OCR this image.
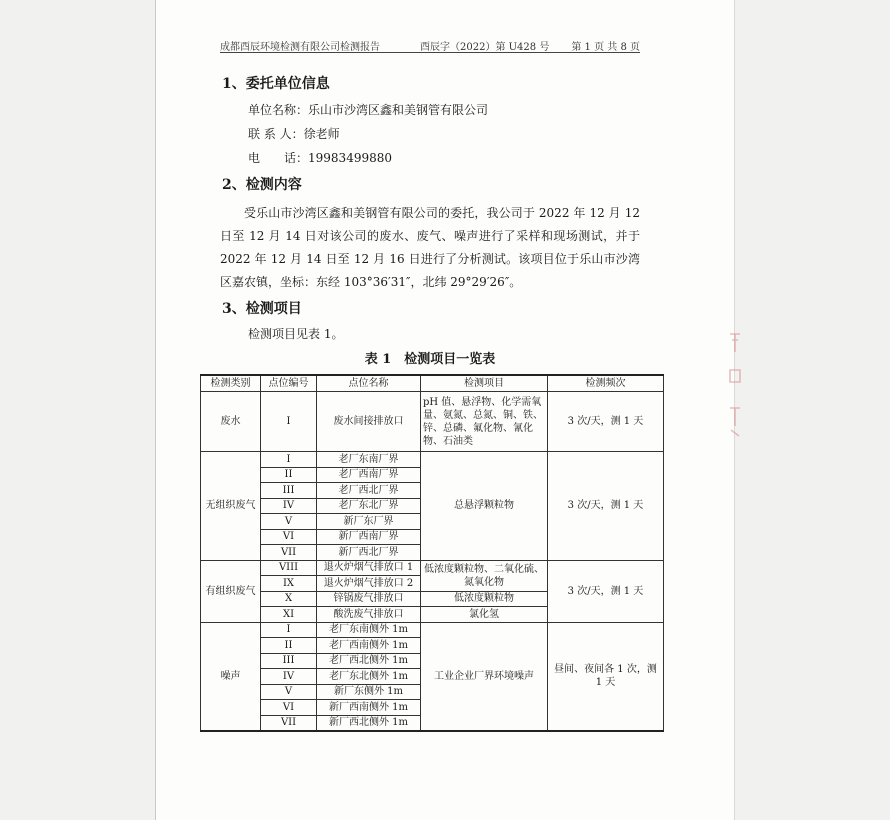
成都酉辰环境检测有限公司检测报告	酉辰字（2022）第 U428 号 第 1 页 共 8 页
1、委托单位信息
单位名称：乐山市沙湾区鑫和美钢管有限公司
联 系 人：徐老师
电　　话：19983499880
2、检测内容

受乐山市沙湾区鑫和美钢管有限公司的委托，我公司于 2022 年 12 月 12 日至 12 月 14 日对该公司的废水、废气、噪声进行了采样和现场测试，并于 2022 年 12 月 14 日至 12 月 16 日进行了分析测试。该项目位于乐山市沙湾区嘉农镇，坐标：东经 103°36′31″，北纬 29°29′26″。

3、检测项目
检测项目见表 1。
表 1　检测项目一览表
检测类别	点位编号	点位名称	检测项目	检测频次
废水	I	废水间接排放口	pH 值、悬浮物、化学需氧量、氨氮、总氮、铜、铁、锌、总磷、氟化物、氰化物、石油类	3 次/天，测 1 天
无组织废气	I	老厂东南厂界	总悬浮颗粒物	3 次/天，测 1 天
	II	老厂西南厂界		
	III	老厂西北厂界		
	IV	老厂东北厂界		
	V	新厂东厂界		
	VI	新厂西南厂界		
	VII	新厂西北厂界		
有组织废气	VIII	退火炉烟气排放口 1	低浓度颗粒物、二氧化硫、氮氧化物	3 次/天，测 1 天
	IX	退火炉烟气排放口 2		
	X	锌锅废气排放口	低浓度颗粒物	
	XI	酸洗废气排放口	氯化氢	
噪声	I	老厂东南侧外 1m	工业企业厂界环境噪声	昼间、夜间各 1 次，测 1 天
	II	老厂西南侧外 1m		
	III	老厂西北侧外 1m		
	IV	老厂东北侧外 1m		
	V	新厂东侧外 1m		
	VI	新厂西南侧外 1m		
	VII	新厂西北侧外 1m		
